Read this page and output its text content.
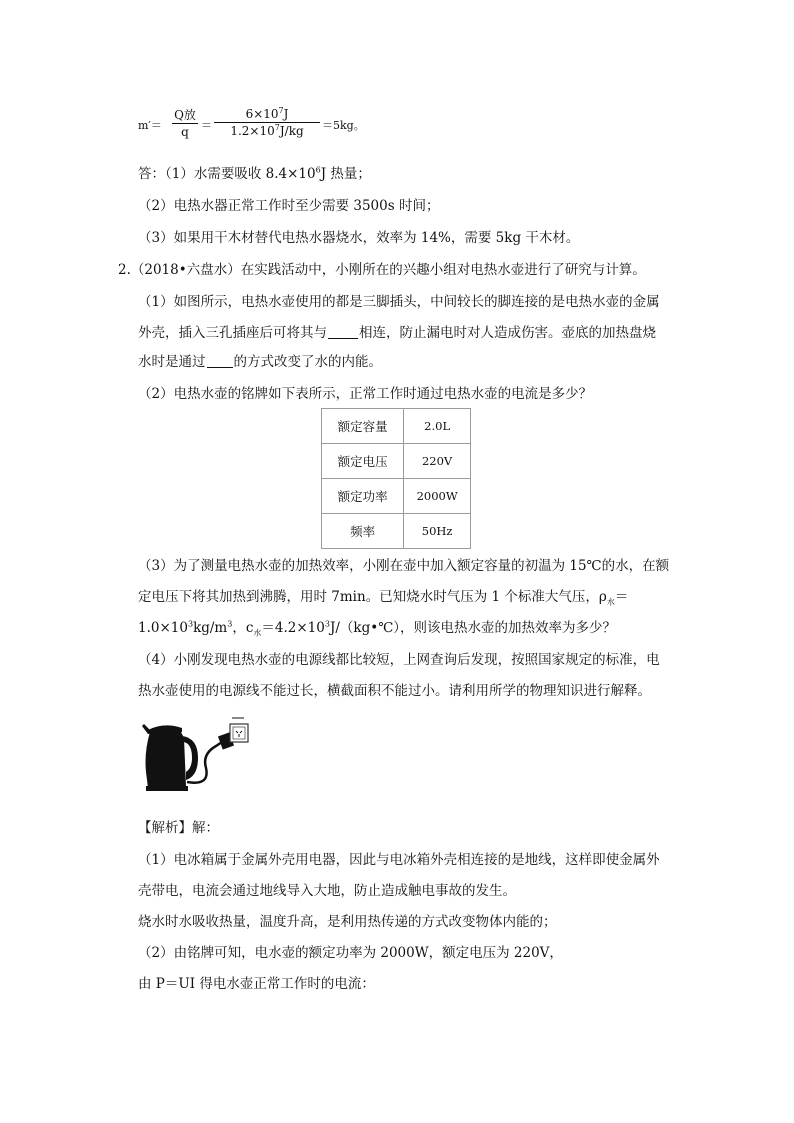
m′＝
Q放
q	＝
$6\times 10^7J$
$1.2\times 10^7J/kg$	＝5kg。
答：（1）水需要吸收 $8.4\times 10^6J$ 热量；
（2）电热水器正常工作时至少需要 3500s 时间；
（3）如果用干木材替代电热水器烧水，效率为 14%，需要 5kg 干木材。
2.（2018•六盘水）在实践活动中，小刚所在的兴趣小组对电热水壶进行了研究与计算。
（1）如图所示，电热水壶使用的都是三脚插头，中间较长的脚连接的是电热水壶的金属
外壳，插入三孔插座后可将其与 相连，防止漏电时对人造成伤害。壶底的加热盘烧
水时是通过 的方式改变了水的内能。
（2）电热水壶的铭牌如下表所示，正常工作时通过电热水壶的电流是多少？
额定容量	2.0L
额定电压	220V
额定功率	2000W
频率	50Hz
（3）为了测量电热水壶的加热效率，小刚在壶中加入额定容量的初温为 15℃的水，在额
定电压下将其加热到沸腾，用时 7min。已知烧水时气压为 1 个标准大气压，$\rho_水=$
$1.0\times 10^3kg/m^3$，$c_水=4.2\times 10^3J/(kg•℃)$，则该电热水壶的加热效率为多少？
（4）小刚发现电热水壶的电源线都比较短，上网查询后发现，按照国家规定的标准，电
热水壶使用的电源线不能过长，横截面积不能过小。请利用所学的物理知识进行解释。
【解析】解：
（1）电冰箱属于金属外壳用电器，因此与电冰箱外壳相连接的是地线，这样即使金属外
壳带电，电流会通过地线导入大地，防止造成触电事故的发生。
烧水时水吸收热量，温度升高，是利用热传递的方式改变物体内能的；
（2）由铭牌可知，电水壶的额定功率为 2000W，额定电压为 220V，
由 P＝UI 得电水壶正常工作时的电流：
